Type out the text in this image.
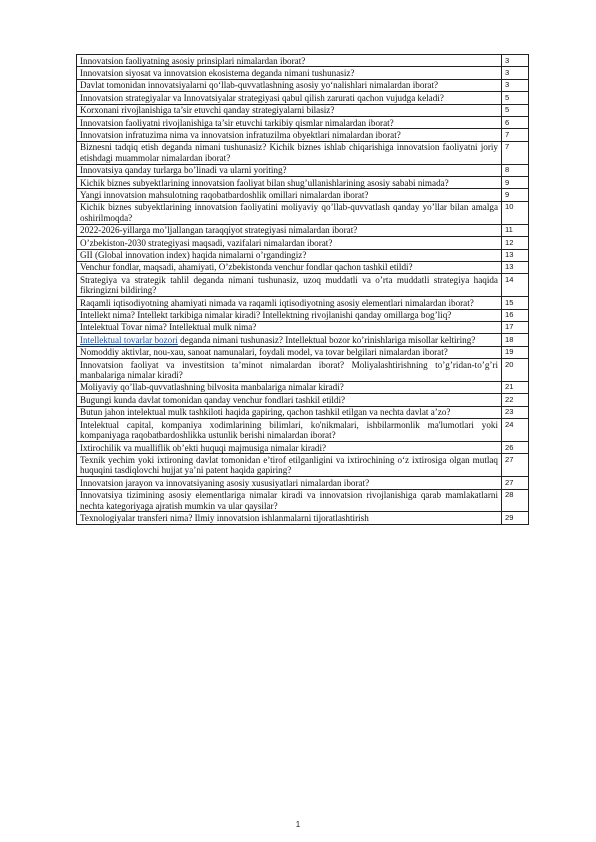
Innovatsion faoliyatning asosiy prinsiplari nimalardan iborat?	3
Innovatsion siyosat va innovatsion ekosistema deganda nimani tushunasiz?	3
Davlat tomonidan innovatsiyalarni qo‘llab-quvvatlashning asosiy yo‘nalishlari nimalardan iborat?	3
Innovatsion strategiyalar va Innovatsiyalar strategiyasi qabul qilish zarurati qachon vujudga keladi?	5
Korxonani rivojlanishiga ta’sir etuvchi qanday strategiyalarni bilasiz?	5
Innovatsion faoliyatni rivojlanishiga ta’sir etuvchi tarkibiy qismlar nimalardan iborat?	6
Innovatsion infratuzima nima va innovatsion infratuzilma obyektlari nimalardan iborat?	7
Biznesni tadqiq etish deganda nimani tushunasiz? Kichik biznes ishlab chiqarishiga innovatsion faoliyatni joriy etishdagi muammolar nimalardan iborat?	7
Innovatsiya qanday turlarga bo’linadi va ularni yoriting?	8
Kichik biznes subyektlarining innovatsion faoliyat bilan shug’ullanishlarining asosiy sababi nimada?	9
Yangi innovatsion mahsulotning raqobatbardoshlik omillari nimalardan iborat?	9
Kichik biznes subyektlarining innovatsion faoliyatini moliyaviy qo’llab-quvvatlash qanday yo’llar bilan amalga oshirilmoqda?	10
2022-2026-yillarga mo’ljallangan taraqqiyot strategiyasi nimalardan iborat?	11
O’zbekiston-2030 strategiyasi maqsadi, vazifalari nimalardan iborat?	12
GII (Global innovation index) haqida nimalarni o’rgandingiz?	13
Venchur fondlar, maqsadi, ahamiyati, O’zbekistonda venchur fondlar qachon tashkil etildi?	13
Strategiya va strategik tahlil deganda nimani tushunasiz, uzoq muddatli va o’rta muddatli strategiya haqida fikringizni bildiring?	14
Raqamli iqtisodiyotning ahamiyati nimada va raqamli iqtisodiyotning asosiy elementlari nimalardan iborat?	15
Intellekt nima? Intellekt tarkibiga nimalar kiradi? Intellektning rivojlanishi qanday omillarga bog’liq?	16
Intelektual Tovar nima? Intellektual mulk nima?	17
Intellektual tovarlar bozori deganda nimani tushunasiz? Intellektual bozor ko’rinishlariga misollar keltiring?	18
Nomoddiy aktivlar, nou-xau, sanoat namunalari, foydali model, va tovar belgilari nimalardan iborat?	19
Innovatsion faoliyat va investitsion ta’minot nimalardan iborat? Moliyalashtirishning to’g’ridan-to’g’ri manbalariga nimalar kiradi?	20
Moliyaviy qo’llab-quvvatlashning bilvosita manbalariga nimalar kiradi?	21
Bugungi kunda davlat tomonidan qanday venchur fondlari tashkil etildi?	22
Butun jahon intelektual mulk tashkiloti haqida gapiring, qachon tashkil etilgan va nechta davlat a’zo?	23
Intelektual capital, kompaniya xodimlarining bilimlari, ko'nikmalari, ishbilarmonlik ma'lumotlari yoki kompaniyaga raqobatbardoshlikka ustunlik berishi nimalardan iborat?	24
Ixtirochilik va mualliflik ob’ekti huquqi majmusiga nimalar kiradi?	26
Texnik yechim yoki ixtironing davlat tomonidan e’tirof etilganligini va ixtirochining o‘z ixtirosiga olgan mutlaq huquqini tasdiqlovchi hujjat ya’ni patent haqida gapiring?	27
Innovatsion jarayon va innovatsiyaning asosiy xususiyatlari nimalardan iborat?	27
Innovatsiya tizimining asosiy elementlariga nimalar kiradi va innovatsion rivojlanishiga qarab mamlakatlarni nechta kategoriyaga ajratish mumkin va ular qaysilar?	28
Texnologiyalar transferi nima? Ilmiy innovatsion ishlanmalarni tijoratlashtirish	29
1
